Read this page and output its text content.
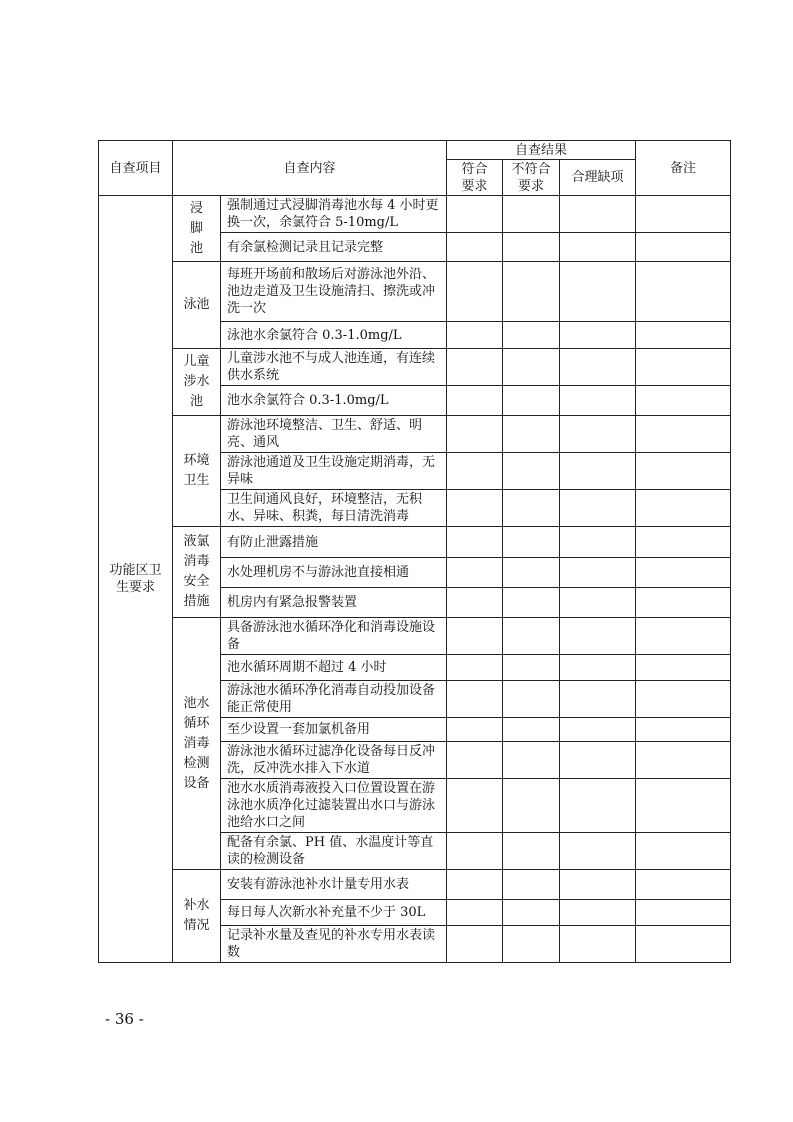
自查项目	自查内容		自查结果			备注
			符合要求	不符合要求	合理缺项	

功能区卫生要求	浸脚池	强制通过式浸脚消毒池水每 4 小时更换一次，余氯符合 5-10mg/L				
		有余氯检测记录且记录完整				

	泳池	每班开场前和散场后对游泳池外沿、池边走道及卫生设施清扫、擦洗或冲洗一次				
		泳池水余氯符合 0.3-1.0mg/L				

	儿童涉水池	儿童涉水池不与成人池连通，有连续供水系统				
		池水余氯符合 0.3-1.0mg/L				

	环境卫生	游泳池环境整洁、卫生、舒适、明亮、通风				
		游泳池通道及卫生设施定期消毒，无异味				
		卫生间通风良好，环境整洁，无积水、异味、积粪，每日清洗消毒				

	液氯消毒安全措施	有防止泄露措施				
		水处理机房不与游泳池直接相通				
		机房内有紧急报警装置				

	池水循环消毒检测设备	具备游泳池水循环净化和消毒设施设备				
		池水循环周期不超过 4 小时				
		游泳池水循环净化消毒自动投加设备能正常使用				
		至少设置一套加氯机备用				
		游泳池水循环过滤净化设备每日反冲洗，反冲洗水排入下水道				
		池水水质消毒液投入口位置设置在游泳池水质净化过滤装置出水口与游泳池给水口之间				
		配备有余氯、PH 值、水温度计等直读的检测设备				

	补水情况	安装有游泳池补水计量专用水表				
		每日每人次新水补充量不少于 30L				
		记录补水量及查见的补水专用水表读数				
- 36 -
